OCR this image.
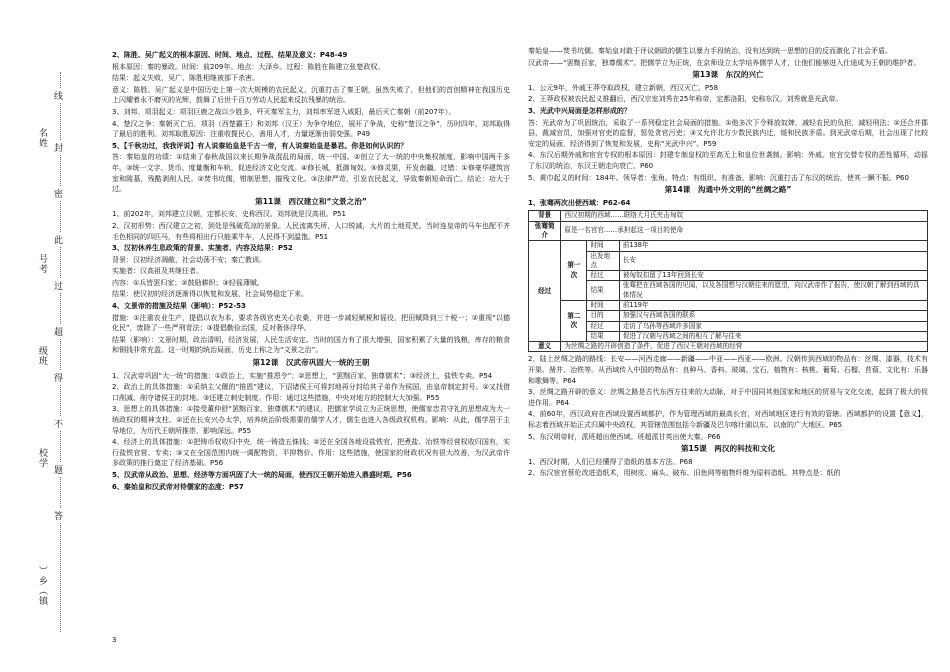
名姓
号考
级班
校学
）乡（镇
线
封
密
此
过
超
得
不
题
答

2、陈胜、吴广起义的根本原因、时间、地点、过程、结果及意义：P48-49

根本原因：秦的暴政。时间：前209年。地点：大泽乡。过程：陈胜在陈建立张楚政权。

结果：起义失败，吴广、陈胜相继被部下杀害。

意义：陈胜、吴广起义是中国历史上第一次大规模的农民起义，沉重打击了秦王朝，虽然失败了，但他们的首创精神在我国历史上闪耀着永不磨灭的光辉，鼓舞了后世千百万劳动人民起来反抗残暴的统治。

3、刘邦、项羽起义：项羽巨鹿之战以少胜多，歼灭秦军主力，刘邦率军进入咸阳，最后灭亡秦朝（前207年）。

4、楚汉之争：秦朝灭亡后，项羽（西楚霸王）和刘邦（汉王）为争夺地位，展开了争战，史称“楚汉之争”，历时四年，刘邦取得了最后的胜利。刘邦取胜原因：注重收揽民心，善用人才，力量逐渐由弱变强。P49

5、【千秋功过，我我评说】有人说秦始皇是千古一帝，有人说秦始皇是暴君。你是如何认识的？

答：秦始皇的功绩：①结束了春秋战国以来长期争战混乱的局面，统一中国。②创立了大一统的中央集权制度，影响中国两千多年。③统一文字、货币、度量衡和车轨，促进经济文化交流。④修长城，抵御匈奴。⑤修灵渠，开发南疆。过错：①修豪华建筑宫室和陵墓，残酷剥削人民。②焚书坑儒，钳制思想，摧残文化。③法律严苛，引发农民起义，导致秦朝短命而亡。结论：功大于过。

第11课　西汉建立和“文景之治”

1、前202年，刘邦建立汉朝，定都长安，史称西汉。刘邦就是汉高祖。P51

2、汉初形势：西汉建立之初，到处是残破荒凉的景象。人民流离失所，人口锐减，大片的土地荒芜。当时连皇帝的马车也配不齐毛色相同的四匹马，有些将相出行只能乘牛车，人民得不到温饱。P51

3、汉初休养生息政策的背景、实施者、内容及结果：P52

背景：汉初经济凋敝，社会动荡不安；秦亡教训。

实施者：汉高祖及其继任者。

内容：①兵皆罢归家；②鼓励耕织；③轻徭薄赋。

结果：使汉初的经济逐渐得以恢复和发展，社会局势稳定下来。

4、文景帝的措施及结果（影响）：P52-53

措施：①注重农业生产，提倡以农为本，要求各级官吏关心农桑，并进一步减轻赋税和徭役，把田赋降到三十税一；②重视“以德化民”，废除了一些严刑苛法；③提倡勤俭治国，反对奢侈浮华。

结果（影响）：文景时期，政治清明，经济发展，人民生活安定。当时的国力有了很大增强，国家积累了大量的钱粮，库存的粮食和铜钱非常充盈。这一时期的统治局面，历史上称之为“文景之治”。

第12课　汉武帝巩固大一统的王朝

1、汉武帝巩固“大一统”的措施：①政治上，实施“推恩令”；②思想上，“罢黜百家，独尊儒术”；③经济上，盐铁专卖。P54

2、政治上的具体措施：①采纳主父偃的“推恩”建议，下诏诸侯王可将封地再分封给其子弟作为侯国，由皇帝制定封号。②又找借口削减、削夺诸侯王的封地。③还建立刺史制度。作用：通过这些措施，中央对地方的控制大大加强。P55

3、思想上的具体措施：①接受董仲舒“罢黜百家，独尊儒术”的建议，把儒家学说立为正统思想，使儒家忠君守礼的思想成为大一统政权的精神支柱。②还在长安兴办太学，培养统治阶级需要的儒学人才，儒生也进入各级政权机构。影响：从此，儒学居于主导地位，为历代王朝所推崇，影响深远。P55

4、经济上的具体措施：①把铸币权收归中央，统一铸造五铢钱；②还在全国各地设盐铁官，把煮盐、冶铁等经营权收归国有，实行盐铁官营、专卖；③又在全国范围内统一调配物资，平抑物价。作用：这些措施，使国家的财政状况有很大改善，为汉武帝许多政策的推行奠定了经济基础。P56

5、汉武帝从政治、思想、经济等方面巩固了大一统的局面，使西汉王朝开始进入鼎盛时期。P56

6、秦始皇和汉武帝对待儒家的态度：P57

3

秦始皇——焚书坑儒。秦始皇对敢于评议朝政的儒生以暴力手段统治，没有达到统一思想的目的反而激化了社会矛盾。

汉武帝——“罢黜百家，独尊儒术”。把儒学立为正统，在京师设立太学培养儒学人才，让他们能够进入仕途成为王朝的维护者。

第13课　东汉的兴亡

1、公元9年，外戚王莽夺取政权，建立新朝，西汉灭亡。P58

2、王莽政权被农民起义推翻后，西汉宗室刘秀在25年称帝，定都洛阳，史称东汉。刘秀就是光武帝。

3、光武中兴局面是怎样形成的？

答：光武帝为了巩固统治，采取了一系列稳定社会局面的措施。①他多次下令释放奴婢，减轻农民的负担，减轻刑法；②还合并郡县，裁减官员，加强对官吏的监督，惩处贪官污吏；③又允许北方少数民族内迁，缓和民族矛盾。到光武帝后期，社会出现了比较安定的局面，经济得到了恢复和发展，史称“光武中兴”。P59

4、东汉后期外戚和宦官专权的根本原因：封建专制皇权的至高无上和皇位世袭制。影响：外戚、宦官交替专权的恶性循环，动摇了东汉的统治，东汉王朝走向衰亡。P60

5、黄巾起义的时间：184年。领导者：张角。特点：有组织、有准备。影响：沉重打击了东汉的统治，使其一蹶不振。P60

第14课　沟通中外文明的“丝绸之路”

1、张骞两次出使西域：P62-64

背景	西汉初期的西域……联络大月氏夹击匈奴		
张骞简介	原是一名宫官……承担起这一项目的使命		
经过	第一次	时间	前138年
		出发地点	长安
		经过	被匈奴扣留了13年回到长安
		结果	张骞把在西域各国的见闻，以及各国想与汉朝往来的愿望，向汉武帝作了报告，使汉朝了解到西域的具体情况
	第二次	时间	前119年
		目的	加强汉与西域各国的联系
		经过	走访了乌孙等西域许多国家
		结果	促进了汉朝与西域之间的相互了解与往来
意义	为丝绸之路的开辟创造了条件，促进了西汉王朝对西域的经营		

2、陆上丝绸之路的路线：长安——河西走廊——新疆——中亚——西亚——欧洲。汉朝传到西域的物品有：丝绸、漆器，技术有开渠、凿井、冶铁等。从西域传入中国的物品有：良种马、香料、玻璃、宝石，植物有：核桃、葡萄、石榴、苜蓿，文化有：乐器和歌舞等。P64

3、丝绸之路开辟的意义：丝绸之路是古代东西方往来的大动脉，对于中国同其他国家和地区的贸易与文化交流，起到了极大的促进作用。P64

4、前60年，西汉政府在西域设置西域都护，作为管理西域的最高长官，对西域地区进行有效的管辖。西域都护的设置【意义】，标志着西域开始正式归属中央政权，其管辖范围包括今新疆及巴尔喀什湖以东、以南的广大地区。P65

5、东汉明帝时，派班超出使西域。班超派甘英出使大秦。P66

第15课　两汉的科技和文化

1、西汉时期，人们已经懂得了造纸的基本方法。P68

2、东汉宦官蔡伦改进造纸术，用树皮、麻头、破布、旧鱼网等植物纤维为原料造纸。其特点是：纸的
